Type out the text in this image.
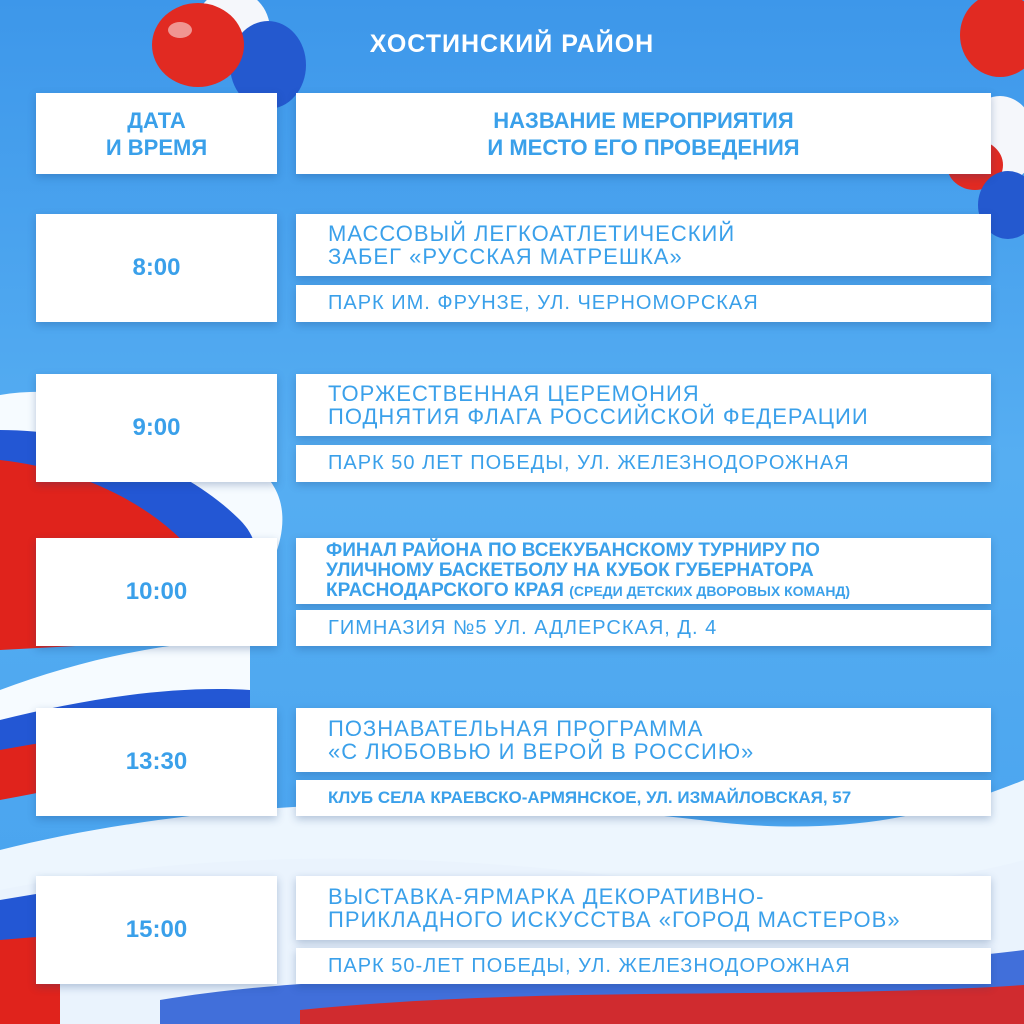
ХОСТИНСКИЙ РАЙОН
ДАТА
И ВРЕМЯ
НАЗВАНИЕ МЕРОПРИЯТИЯ
И МЕСТО ЕГО ПРОВЕДЕНИЯ
8:00
МАССОВЫЙ ЛЕГКОАТЛЕТИЧЕСКИЙ
ЗАБЕГ «РУССКАЯ МАТРЕШКА»
ПАРК ИМ. ФРУНЗЕ, УЛ. ЧЕРНОМОРСКАЯ
9:00
ТОРЖЕСТВЕННАЯ ЦЕРЕМОНИЯ
ПОДНЯТИЯ ФЛАГА РОССИЙСКОЙ ФЕДЕРАЦИИ
ПАРК 50 ЛЕТ ПОБЕДЫ, УЛ. ЖЕЛЕЗНОДОРОЖНАЯ
10:00
ФИНАЛ РАЙОНА ПО ВСЕКУБАНСКОМУ ТУРНИРУ ПО
УЛИЧНОМУ БАСКЕТБОЛУ НА КУБОК ГУБЕРНАТОРА
КРАСНОДАРСКОГО КРАЯ (СРЕДИ ДЕТСКИХ ДВОРОВЫХ КОМАНД)
ГИМНАЗИЯ №5 УЛ. АДЛЕРСКАЯ, Д. 4
13:30
ПОЗНАВАТЕЛЬНАЯ ПРОГРАММА
«С ЛЮБОВЬЮ И ВЕРОЙ В РОССИЮ»
КЛУБ СЕЛА КРАЕВСКО-АРМЯНСКОЕ, УЛ. ИЗМАЙЛОВСКАЯ, 57
15:00
ВЫСТАВКА-ЯРМАРКА ДЕКОРАТИВНО-
ПРИКЛАДНОГО ИСКУССТВА «ГОРОД МАСТЕРОВ»
ПАРК 50-ЛЕТ ПОБЕДЫ, УЛ. ЖЕЛЕЗНОДОРОЖНАЯ
